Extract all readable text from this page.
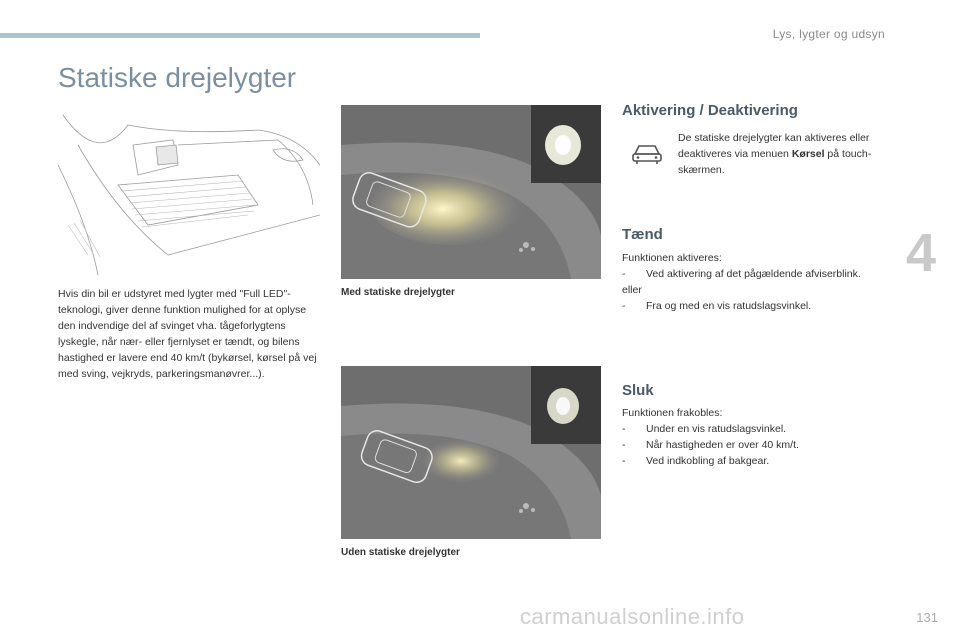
Lys, lygter og udsyn
4
Statiske drejelygter
Hvis din bil er udstyret med lygter med "Full LED"-teknologi, giver denne funktion mulighed for at oplyse den indvendige del af svinget vha. tågeforlygtens lyskegle, når nær- eller fjernlyset er tændt, og bilens hastighed er lavere end 40 km/t (bykørsel, kørsel på vej med sving, vejkryds, parkeringsmanøvrer...).
Med statiske drejelygter
Uden statiske drejelygter
Aktivering / Deaktivering
De statiske drejelygter kan aktiveres eller deaktiveres via menuen Kørsel på touch-skærmen.
Tænd
Funktionen aktiveres:
-	Ved aktivering af det pågældende afviserblink.
eller
-	Fra og med en vis ratudslagsvinkel.
Sluk
Funktionen frakobles:
-	Under en vis ratudslagsvinkel.
-	Når hastigheden er over 40 km/t.
-	Ved indkobling af bakgear.
carmanualsonline.info	131
